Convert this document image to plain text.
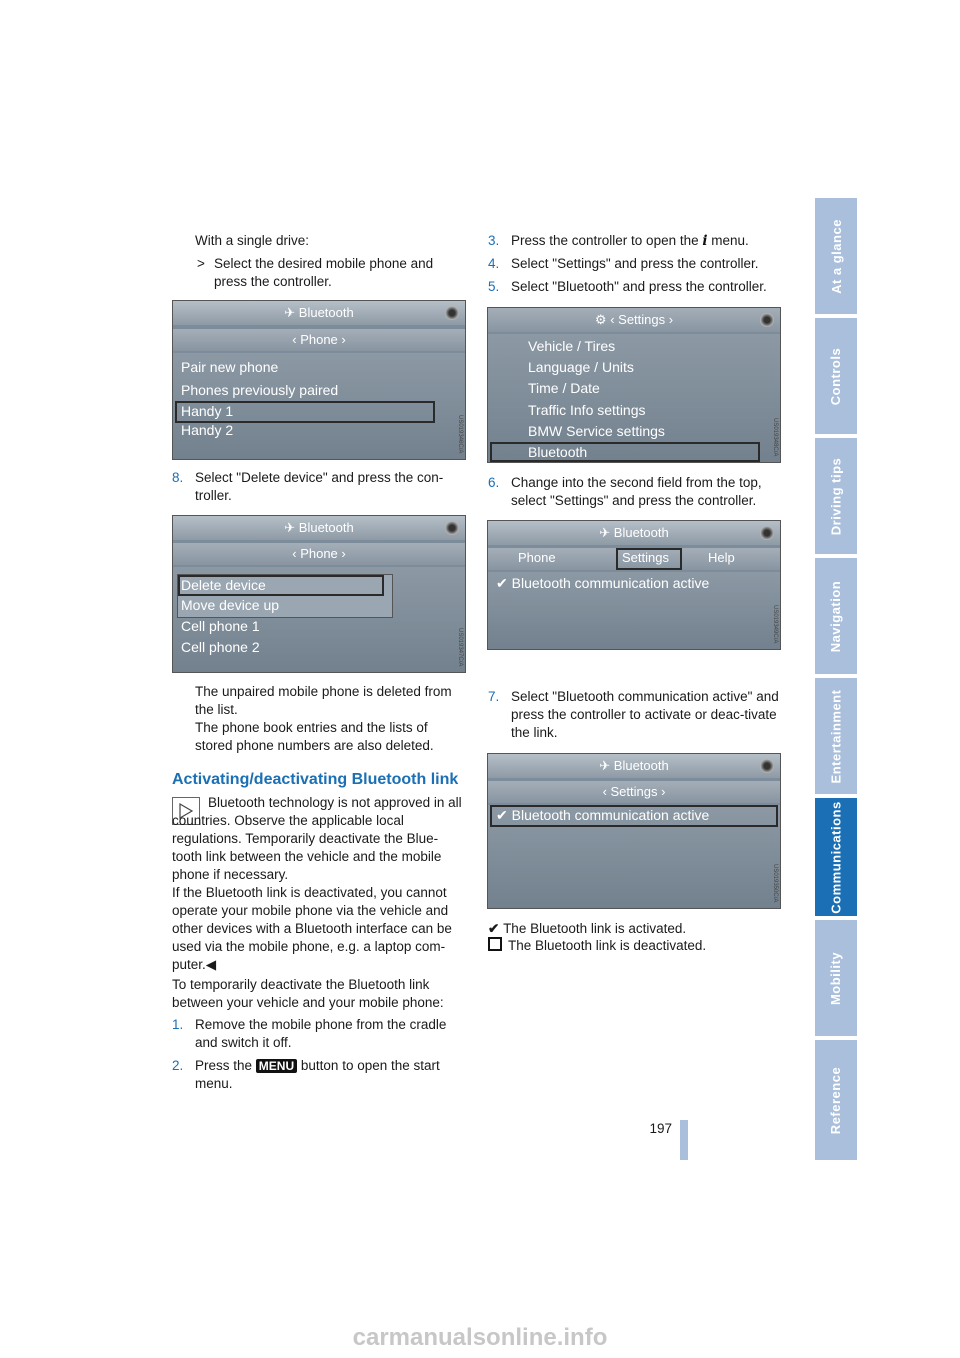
At a glance
Controls
Driving tips
Navigation
Entertainment
Communications
Mobility
Reference
197
With a single drive:
> Select the desired mobile phone and press the controller.
✈ Bluetooth
‹ Phone ›
Pair new phone
Phones previously paired
Handy 1
Handy 2	US019346C/A
8. Select "Delete device" and press the con-troller.
✈ Bluetooth
‹ Phone ›
Delete device
Move device up
Cell phone 1
Cell phone 2	US019347C/A
The unpaired mobile phone is deleted from the list.
The phone book entries and the lists of stored phone numbers are also deleted.
Activating/deactivating Bluetooth link
Bluetooth technology is not approved in all countries. Observe the applicable local regulations. Temporarily deactivate the Blue-tooth link between the vehicle and the mobile phone if necessary.
If the Bluetooth link is deactivated, you cannot operate your mobile phone via the vehicle and other devices with a Bluetooth interface can be used via the mobile phone, e.g. a laptop com-puter.◀
To temporarily deactivate the Bluetooth link between your vehicle and your mobile phone:
1. Remove the mobile phone from the cradle and switch it off.
2. Press the MENU button to open the start menu.
3. Press the controller to open the i menu.
4. Select "Settings" and press the controller.
5. Select "Bluetooth" and press the controller.
⚙ ‹ Settings ›
Vehicle / Tires
Language / Units
Time / Date
Traffic Info settings
BMW Service settings
Bluetooth	US019348C/A
6. Change into the second field from the top, select "Settings" and press the controller.
✈ Bluetooth
Phone	Settings	Help
✔ Bluetooth communication active
US019349C/A
7. Select "Bluetooth communication active" and press the controller to activate or deac-tivate the link.
✈ Bluetooth
‹ Settings ›
✔ Bluetooth communication active
US019350C/A
✔ The Bluetooth link is activated.
The Bluetooth link is deactivated.
carmanualsonline.info
